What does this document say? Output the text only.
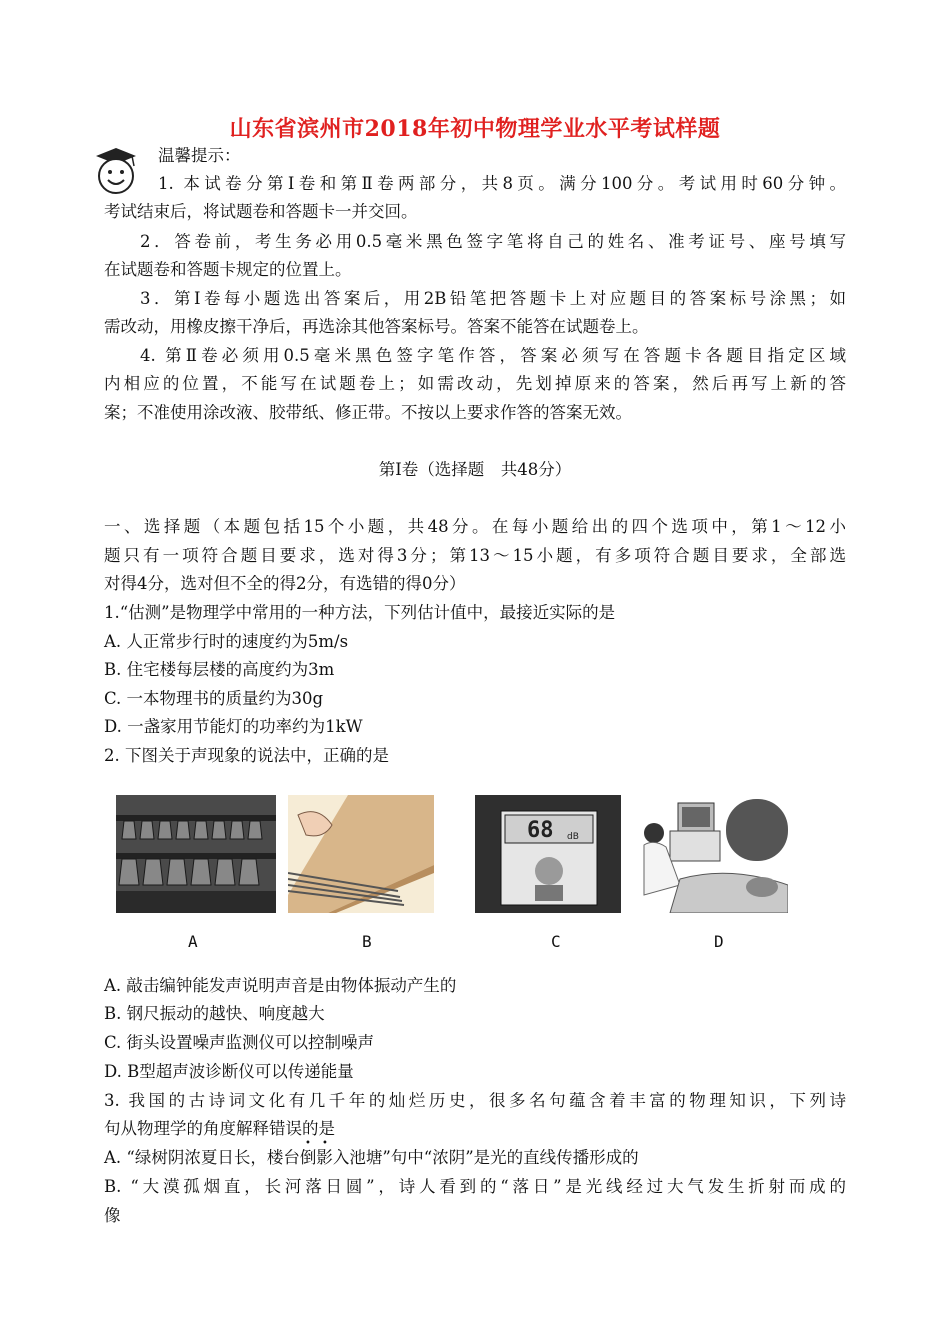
山东省滨州市2018年初中物理学业水平考试样题
温馨提示：
1. 本试卷分第Ⅰ卷和第Ⅱ卷两部分，共8页。满分100分。考试用时60分钟。
考试结束后，将试题卷和答题卡一并交回。
2．答卷前，考生务必用0.5毫米黑色签字笔将自己的姓名、准考证号、座号填写
在试题卷和答题卡规定的位置上。
3．第Ⅰ卷每小题选出答案后，用2B铅笔把答题卡上对应题目的答案标号涂黑；如
需改动，用橡皮擦干净后，再选涂其他答案标号。答案不能答在试题卷上。
4. 第Ⅱ卷必须用0.5毫米黑色签字笔作答，答案必须写在答题卡各题目指定区域
内相应的位置，不能写在试题卷上；如需改动，先划掉原来的答案，然后再写上新的答
案；不准使用涂改液、胶带纸、修正带。不按以上要求作答的答案无效。
第Ⅰ卷（选择题　共48分）
一、选择题（本题包括15个小题，共48分。在每小题给出的四个选项中，第1～12小
题只有一项符合题目要求，选对得3分；第13～15小题，有多项符合题目要求，全部选
对得4分，选对但不全的得2分，有选错的得0分）
1.“估测”是物理学中常用的一种方法，下列估计值中，最接近实际的是
A. 人正常步行时的速度约为5m/s
B. 住宅楼每层楼的高度约为3m
C. 一本物理书的质量约为30g
D. 一盏家用节能灯的功率约为1kW
2. 下图关于声现象的说法中，正确的是
68 dB
A	B	C	D
A. 敲击编钟能发声说明声音是由物体振动产生的
B. 钢尺振动的越快、响度越大
C. 街头设置噪声监测仪可以控制噪声
D. B型超声波诊断仪可以传递能量
3. 我国的古诗词文化有几千年的灿烂历史，很多名句蕴含着丰富的物理知识，下列诗
句从物理学的角度解释错误的是
• •
A. “绿树阴浓夏日长，楼台倒影入池塘”句中“浓阴”是光的直线传播形成的
B. “大漠孤烟直，长河落日圆”，诗人看到的“落日”是光线经过大气发生折射而成的
像
